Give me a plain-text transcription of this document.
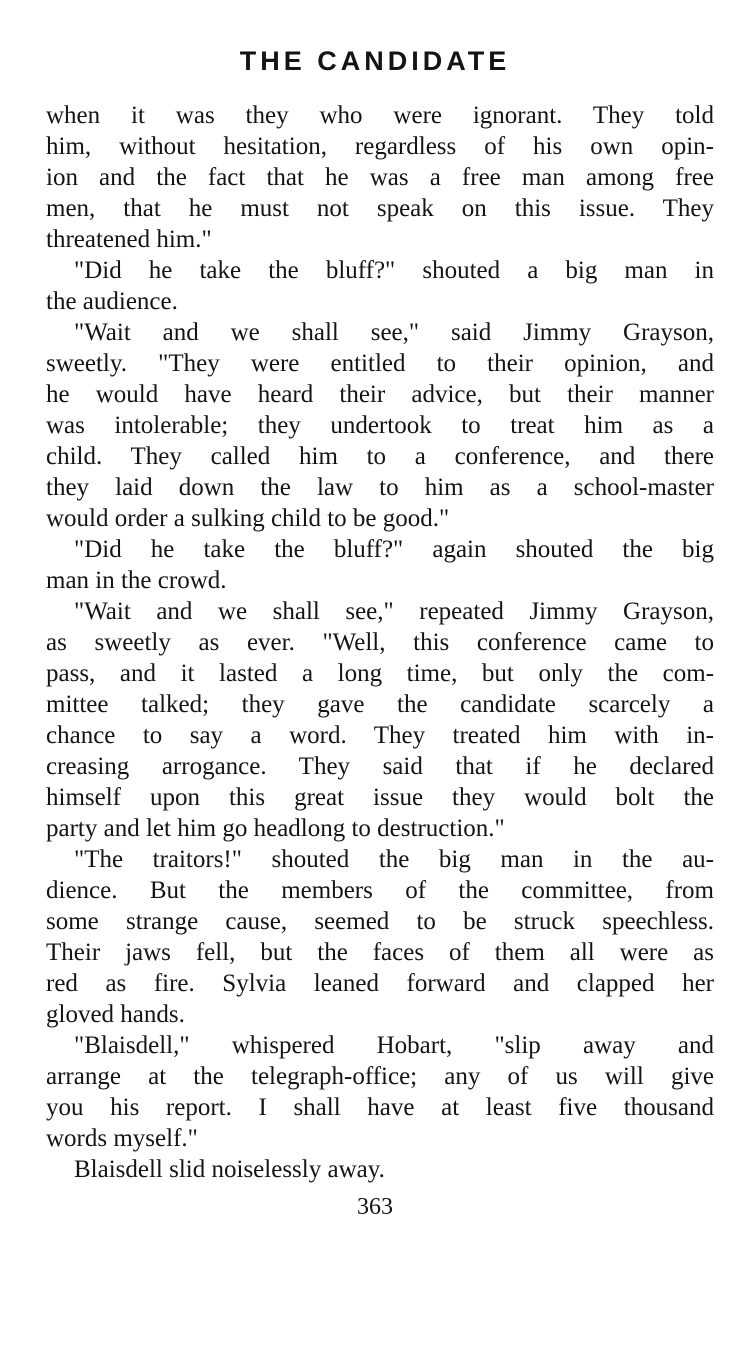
THE CANDIDATE
when it was they who were ignorant. They told
him, without hesitation, regardless of his own opin-
ion and the fact that he was a free man among free
men, that he must not speak on this issue. They
threatened him."
"Did he take the bluff?" shouted a big man in
the audience.
"Wait and we shall see," said Jimmy Grayson,
sweetly. "They were entitled to their opinion, and
he would have heard their advice, but their manner
was intolerable; they undertook to treat him as a
child. They called him to a conference, and there
they laid down the law to him as a school-master
would order a sulking child to be good."
"Did he take the bluff?" again shouted the big
man in the crowd.
"Wait and we shall see," repeated Jimmy Grayson,
as sweetly as ever. "Well, this conference came to
pass, and it lasted a long time, but only the com-
mittee talked; they gave the candidate scarcely a
chance to say a word. They treated him with in-
creasing arrogance. They said that if he declared
himself upon this great issue they would bolt the
party and let him go headlong to destruction."
"The traitors!" shouted the big man in the au-
dience. But the members of the committee, from
some strange cause, seemed to be struck speechless.
Their jaws fell, but the faces of them all were as
red as fire. Sylvia leaned forward and clapped her
gloved hands.
"Blaisdell," whispered Hobart, "slip away and
arrange at the telegraph-office; any of us will give
you his report. I shall have at least five thousand
words myself."
Blaisdell slid noiselessly away.

363
